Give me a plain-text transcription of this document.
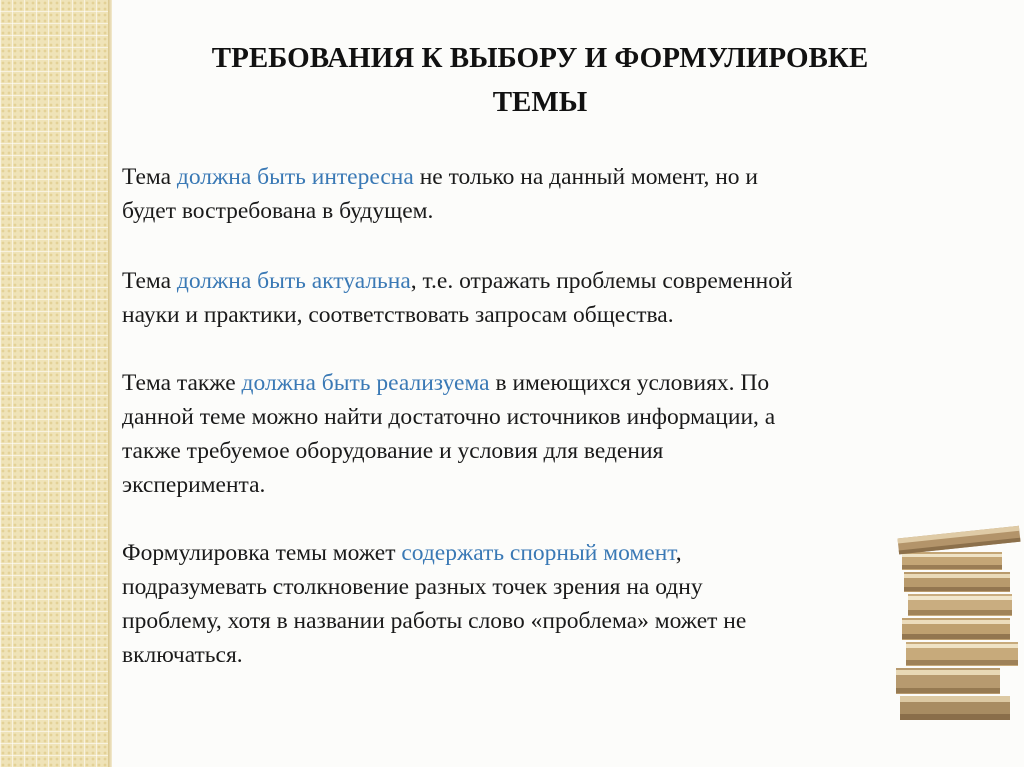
ТРЕБОВАНИЯ К ВЫБОРУ И ФОРМУЛИРОВКЕ
ТЕМЫ

Тема должна быть интересна не только на данный момент, но и
будет востребована в будущем.

Тема должна быть актуальна, т.е. отражать проблемы современной
науки и практики, соответствовать запросам общества.

Тема также должна быть реализуема в имеющихся условиях. По
данной теме можно найти достаточно источников информации, а
также требуемое оборудование и условия для ведения
эксперимента.

Формулировка темы может содержать спорный момент,
подразумевать столкновение разных точек зрения на одну
проблему, хотя в названии работы слово «проблема» может не
включаться.
